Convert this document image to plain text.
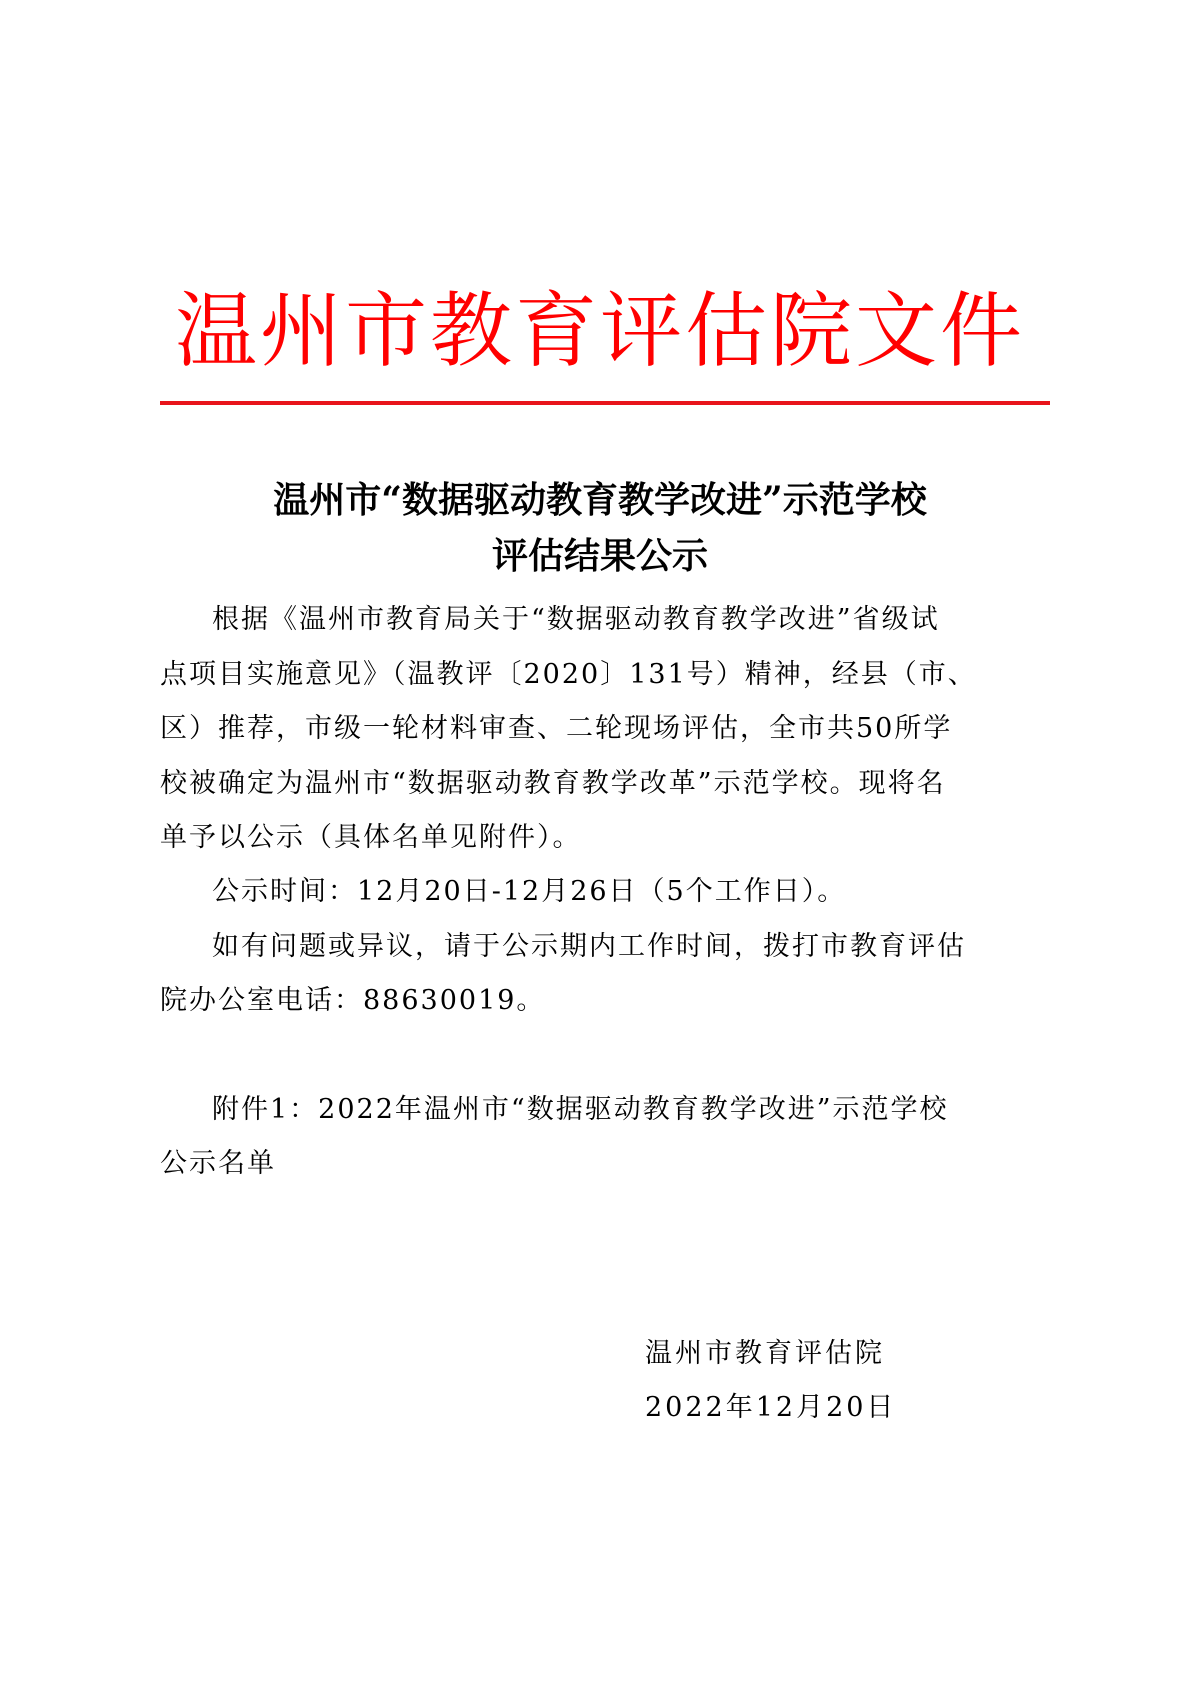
温州市教育评估院文件
温州市“数据驱动教育教学改进”示范学校
评估结果公示
根据《温州市教育局关于“数据驱动教育教学改进”省级试
点项目实施意见》（温教评〔2020〕131号）精神，经县（市、
区）推荐，市级一轮材料审查、二轮现场评估，全市共50所学
校被确定为温州市“数据驱动教育教学改革”示范学校。现将名
单予以公示（具体名单见附件）。
公示时间：12月20日-12月26日（5个工作日）。
如有问题或异议，请于公示期内工作时间，拨打市教育评估
院办公室电话：88630019。
附件1：2022年温州市“数据驱动教育教学改进”示范学校
公示名单
温州市教育评估院
2022年12月20日
